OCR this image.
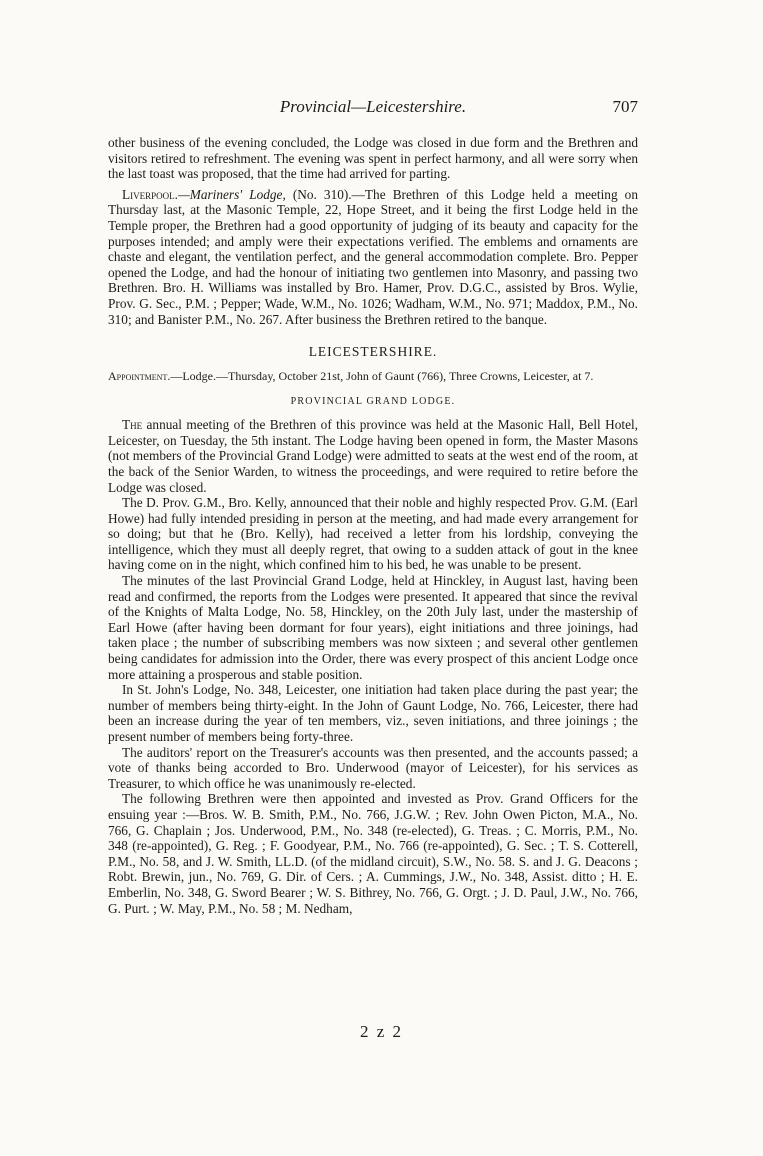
Provincial—Leicestershire.	707

other business of the evening concluded, the Lodge was closed in due form and the Brethren and visitors retired to refreshment. The evening was spent in perfect harmony, and all were sorry when the last toast was proposed, that the time had arrived for parting.

Liverpool.—Mariners' Lodge, (No. 310).—The Brethren of this Lodge held a meeting on Thursday last, at the Masonic Temple, 22, Hope Street, and it being the first Lodge held in the Temple proper, the Brethren had a good opportunity of judging of its beauty and capacity for the purposes intended; and amply were their expectations verified. The emblems and ornaments are chaste and elegant, the ventilation perfect, and the general accommodation complete. Bro. Pepper opened the Lodge, and had the honour of initiating two gentlemen into Masonry, and passing two Brethren. Bro. H. Williams was installed by Bro. Hamer, Prov. D.G.C., assisted by Bros. Wylie, Prov. G. Sec., P.M. ; Pepper; Wade, W.M., No. 1026; Wadham, W.M., No. 971; Maddox, P.M., No. 310; and Banister P.M., No. 267. After business the Brethren retired to the banque.

LEICESTERSHIRE.
Appointment.—Lodge.—Thursday, October 21st, John of Gaunt (766), Three Crowns, Leicester, at 7.
PROVINCIAL GRAND LODGE.

The annual meeting of the Brethren of this province was held at the Masonic Hall, Bell Hotel, Leicester, on Tuesday, the 5th instant. The Lodge having been opened in form, the Master Masons (not members of the Provincial Grand Lodge) were admitted to seats at the west end of the room, at the back of the Senior Warden, to witness the proceedings, and were required to retire before the Lodge was closed.

The D. Prov. G.M., Bro. Kelly, announced that their noble and highly respected Prov. G.M. (Earl Howe) had fully intended presiding in person at the meeting, and had made every arrangement for so doing; but that he (Bro. Kelly), had received a letter from his lordship, conveying the intelligence, which they must all deeply regret, that owing to a sudden attack of gout in the knee having come on in the night, which confined him to his bed, he was unable to be present.

The minutes of the last Provincial Grand Lodge, held at Hinckley, in August last, having been read and confirmed, the reports from the Lodges were presented. It appeared that since the revival of the Knights of Malta Lodge, No. 58, Hinckley, on the 20th July last, under the mastership of Earl Howe (after having been dormant for four years), eight initiations and three joinings, had taken place ; the number of subscribing members was now sixteen ; and several other gentlemen being candidates for admission into the Order, there was every prospect of this ancient Lodge once more attaining a prosperous and stable position.

In St. John's Lodge, No. 348, Leicester, one initiation had taken place during the past year; the number of members being thirty-eight. In the John of Gaunt Lodge, No. 766, Leicester, there had been an increase during the year of ten members, viz., seven initiations, and three joinings ; the present number of members being forty-three.

The auditors' report on the Treasurer's accounts was then presented, and the accounts passed; a vote of thanks being accorded to Bro. Underwood (mayor of Leicester), for his services as Treasurer, to which office he was unanimously re-elected.

The following Brethren were then appointed and invested as Prov. Grand Officers for the ensuing year :—Bros. W. B. Smith, P.M., No. 766, J.G.W. ; Rev. John Owen Picton, M.A., No. 766, G. Chaplain ; Jos. Underwood, P.M., No. 348 (re-elected), G. Treas. ; C. Morris, P.M., No. 348 (re-appointed), G. Reg. ; F. Goodyear, P.M., No. 766 (re-appointed), G. Sec. ; T. S. Cotterell, P.M., No. 58, and J. W. Smith, LL.D. (of the midland circuit), S.W., No. 58. S. and J. G. Deacons ; Robt. Brewin, jun., No. 769, G. Dir. of Cers. ; A. Cummings, J.W., No. 348, Assist. ditto ; H. E. Emberlin, No. 348, G. Sword Bearer ; W. S. Bithrey, No. 766, G. Orgt. ; J. D. Paul, J.W., No. 766, G. Purt. ; W. May, P.M., No. 58 ; M. Nedham,

2 z 2
